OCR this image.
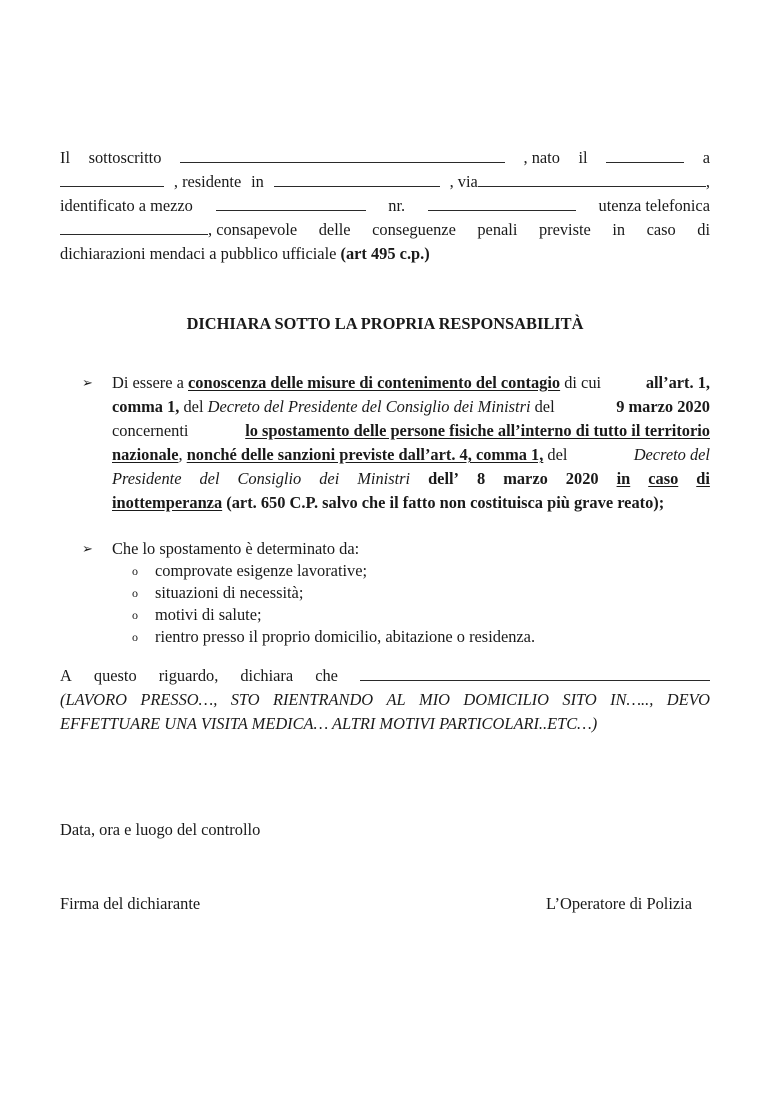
Il sottoscritto	, nato il	a
, residente in	, via	,
identificato a mezzo	nr.	utenza telefonica
, consapevole delle conseguenze penali previste in caso di
dichiarazioni mendaci a pubblico ufficiale (art 495 c.p.)
DICHIARA SOTTO LA PROPRIA RESPONSABILITÀ
➢	Di essere a conoscenza delle misure di contenimento del contagio di cui all’art. 1,
comma 1, del Decreto del Presidente del Consiglio dei Ministri del	9 marzo 2020
concernenti	lo spostamento delle persone fisiche all’interno di tutto il territorio
nazionale , nonché delle sanzioni previste dall’art. 4, comma 1, del	Decreto del
Presidente del Consiglio dei Ministri dell’ 8 marzo 2020 in caso di
inottemperanza (art. 650 C.P. salvo che il fatto non costituisca più grave reato);
➢	Che lo spostamento è determinato da:
o comprovate esigenze lavorative;
o situazioni di necessità;
o motivi di salute;
o rientro presso il proprio domicilio, abitazione o residenza.
A questo riguardo, dichiara che
(LAVORO PRESSO…, STO RIENTRANDO AL MIO DOMICILIO SITO IN….., DEVO
EFFETTUARE UNA VISITA MEDICA… ALTRI MOTIVI PARTICOLARI..ETC…)
Data, ora e luogo del controllo
Firma del dichiarante	L’Operatore di Polizia
